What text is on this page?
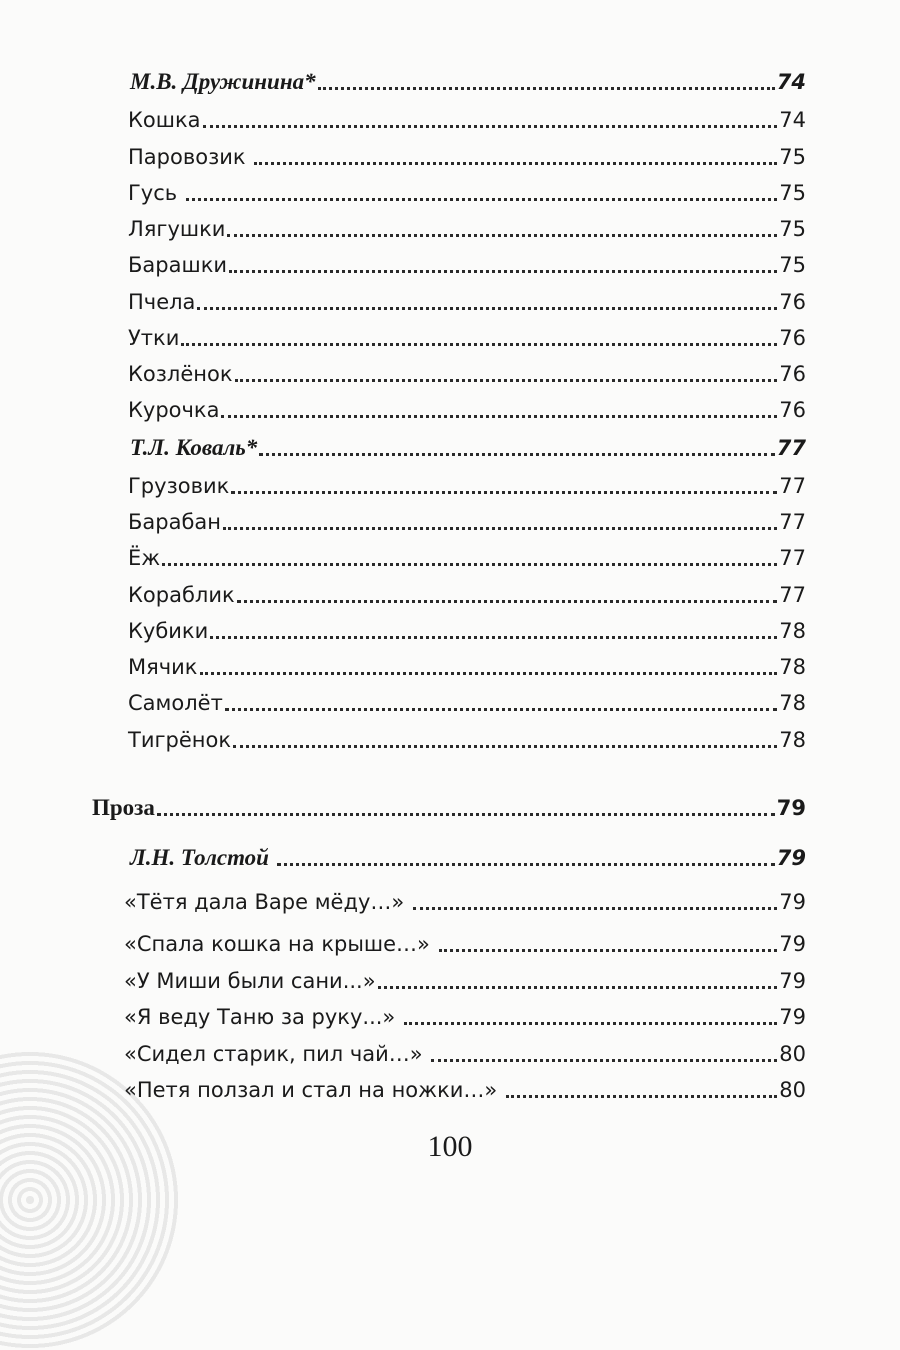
М.В. Дружинина*	74
Кошка	74
Паровозик	75
Гусь	75
Лягушки	75
Барашки	75
Пчела	76
Утки	76
Козлёнок	76
Курочка	76
Т.Л. Коваль*	77
Грузовик	77
Барабан	77
Ёж	77
Кораблик	77
Кубики	78
Мячик	78
Самолёт	78
Тигрёнок	78
Проза	79
Л.Н. Толстой	79
«Тётя дала Варе мёду…»	79
«Спала кошка на крыше…»	79
«У Миши были сани...»	79
«Я веду Таню за руку...»	79
«Сидел старик, пил чай…»	80
«Петя ползал и стал на ножки…»	80
100
